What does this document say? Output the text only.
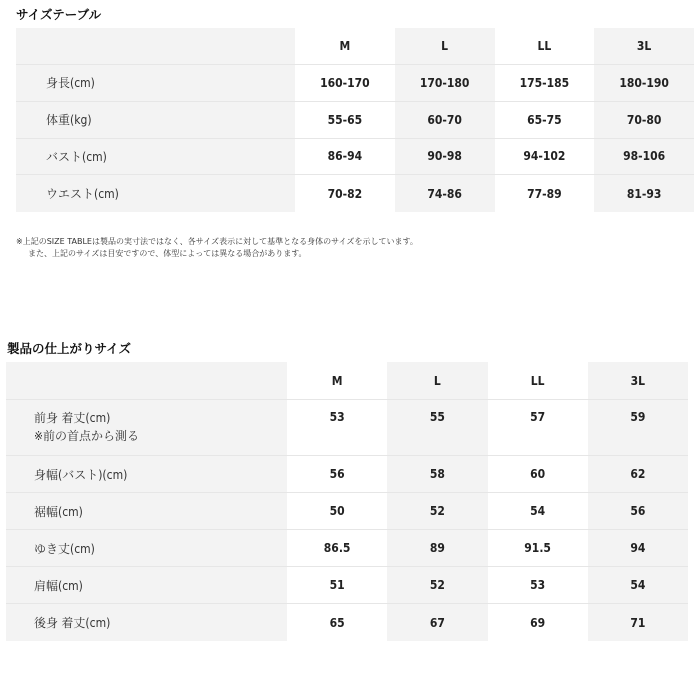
サイズテーブル
	M	L	LL	3L
身長(cm)	160-170	170-180	175-185	180-190
体重(kg)	55-65	60-70	65-75	70-80
バスト(cm)	86-94	90-98	94-102	98-106
ウエスト(cm)	70-82	74-86	77-89	81-93
※上記のSIZE TABLEは製品の実寸法ではなく、各サイズ表示に対して基準となる身体のサイズを示しています。
また、上記のサイズは目安ですので、体型によっては異なる場合があります。
製品の仕上がりサイズ
	M	L	LL	3L

前身 着丈(cm)
※前の首点から測る	53	55	57	59
身幅(バスト)(cm)	56	58	60	62
裾幅(cm)	50	52	54	56
ゆき丈(cm)	86.5	89	91.5	94
肩幅(cm)	51	52	53	54
後身 着丈(cm)	65	67	69	71
